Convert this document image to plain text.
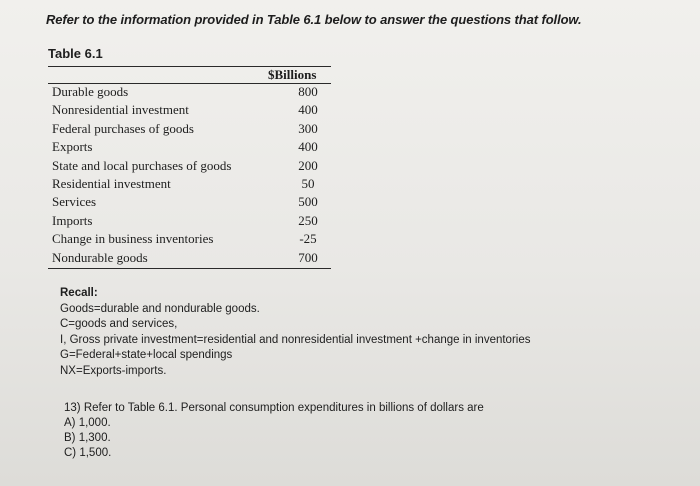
Refer to the information provided in Table 6.1 below to answer the questions that follow.
Table 6.1
$Billions
Durable goods	800
Nonresidential investment	400
Federal purchases of goods	300
Exports	400
State and local purchases of goods	200
Residential investment	50
Services	500
Imports	250
Change in business inventories	-25
Nondurable goods	700
Recall:
Goods=durable and nondurable goods.
C=goods and services,
I, Gross private investment=residential and nonresidential investment +change in inventories
G=Federal+state+local spendings
NX=Exports-imports.
13) Refer to Table 6.1. Personal consumption expenditures in billions of dollars are
A) 1,000.
B) 1,300.
C) 1,500.
